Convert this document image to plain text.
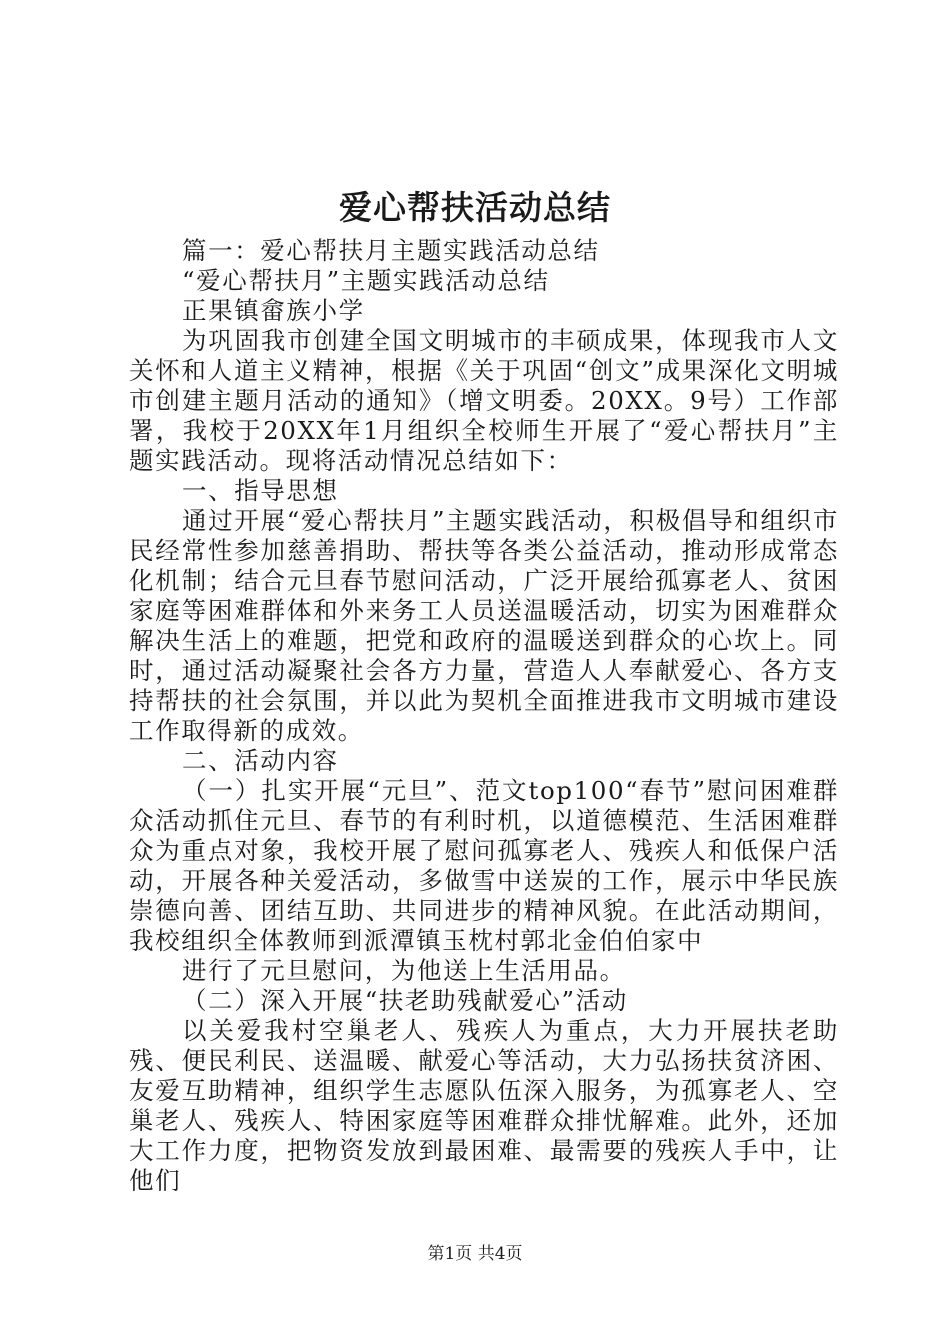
爱心帮扶活动总结

篇一：爱心帮扶月主题实践活动总结

“爱心帮扶月”主题实践活动总结

正果镇畲族小学

为巩固我市创建全国文明城市的丰硕成果，体现我市人文关怀和人道主义精神，根据《关于巩固“创文”成果深化文明城市创建主题月活动的通知》（增文明委。20XX。9号）工作部署，我校于20XX年1月组织全校师生开展了“爱心帮扶月”主题实践活动。现将活动情况总结如下：

一、指导思想

通过开展“爱心帮扶月”主题实践活动，积极倡导和组织市民经常性参加慈善捐助、帮扶等各类公益活动，推动形成常态化机制；结合元旦春节慰问活动，广泛开展给孤寡老人、贫困家庭等困难群体和外来务工人员送温暖活动，切实为困难群众解决生活上的难题，把党和政府的温暖送到群众的心坎上。同时，通过活动凝聚社会各方力量，营造人人奉献爱心、各方支持帮扶的社会氛围，并以此为契机全面推进我市文明城市建设工作取得新的成效。

二、活动内容

（一）扎实开展“元旦”、范文top100“春节”慰问困难群众活动抓住元旦、春节的有利时机，以道德模范、生活困难群众为重点对象，我校开展了慰问孤寡老人、残疾人和低保户活动，开展各种关爱活动，多做雪中送炭的工作，展示中华民族崇德向善、团结互助、共同进步的精神风貌。在此活动期间，我校组织全体教师到派潭镇玉枕村郭北金伯伯家中

进行了元旦慰问，为他送上生活用品。

（二）深入开展“扶老助残献爱心”活动

以关爱我村空巢老人、残疾人为重点，大力开展扶老助残、便民利民、送温暖、献爱心等活动，大力弘扬扶贫济困、友爱互助精神，组织学生志愿队伍深入服务，为孤寡老人、空巢老人、残疾人、特困家庭等困难群众排忧解难。此外，还加大工作力度，把物资发放到最困难、最需要的残疾人手中，让他们

第1页 共4页
